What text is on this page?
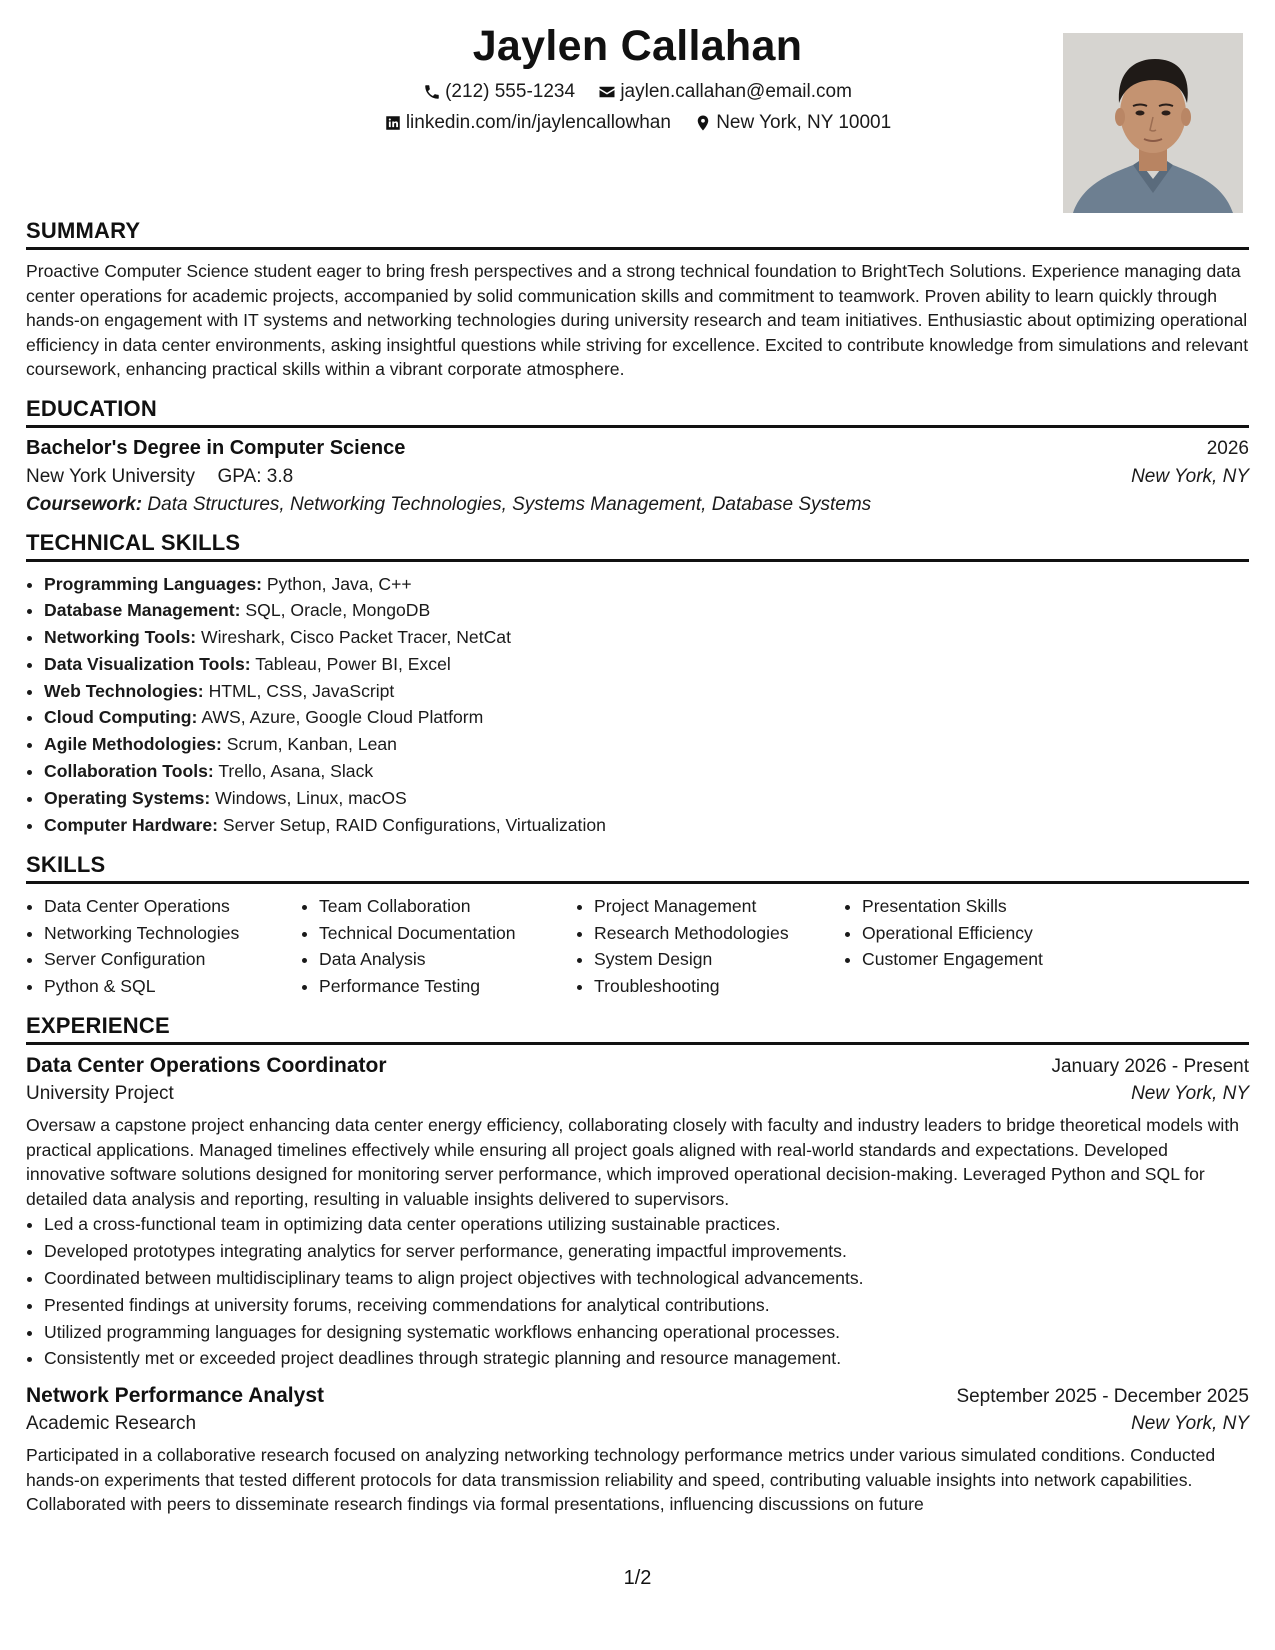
Jaylen Callahan
(212) 555-1234
jaylen.callahan@email.com
linkedin.com/in/jaylencallowhan
New York, NY 10001
SUMMARY

Proactive Computer Science student eager to bring fresh perspectives and a strong technical foundation to BrightTech Solutions. Experience managing data center operations for academic projects, accompanied by solid communication skills and commitment to teamwork. Proven ability to learn quickly through hands-on engagement with IT systems and networking technologies during university research and team initiatives. Enthusiastic about optimizing operational efficiency in data center environments, asking insightful questions while striving for excellence. Excited to contribute knowledge from simulations and relevant coursework, enhancing practical skills within a vibrant corporate atmosphere.

EDUCATION
Bachelor's Degree in Computer Science	2026
New York University GPA: 3.8	New York, NY
Coursework: Data Structures, Networking Technologies, Systems Management, Database Systems
TECHNICAL SKILLS
• Programming Languages: Python, Java, C++
• Database Management: SQL, Oracle, MongoDB
• Networking Tools: Wireshark, Cisco Packet Tracer, NetCat
• Data Visualization Tools: Tableau, Power BI, Excel
• Web Technologies: HTML, CSS, JavaScript
• Cloud Computing: AWS, Azure, Google Cloud Platform
• Agile Methodologies: Scrum, Kanban, Lean
• Collaboration Tools: Trello, Asana, Slack
• Operating Systems: Windows, Linux, macOS
• Computer Hardware: Server Setup, RAID Configurations, Virtualization
SKILLS
• Data Center Operations
• Networking Technologies
• Server Configuration
• Python & SQL
• Team Collaboration
• Technical Documentation
• Data Analysis
• Performance Testing
• Project Management
• Research Methodologies
• System Design
• Troubleshooting
• Presentation Skills
• Operational Efficiency
• Customer Engagement
EXPERIENCE
Data Center Operations Coordinator	January 2026 - Present
University Project	New York, NY

Oversaw a capstone project enhancing data center energy efficiency, collaborating closely with faculty and industry leaders to bridge theoretical models with practical applications. Managed timelines effectively while ensuring all project goals aligned with real-world standards and expectations. Developed innovative software solutions designed for monitoring server performance, which improved operational decision-making. Leveraged Python and SQL for detailed data analysis and reporting, resulting in valuable insights delivered to supervisors.

• Led a cross-functional team in optimizing data center operations utilizing sustainable practices.
• Developed prototypes integrating analytics for server performance, generating impactful improvements.
• Coordinated between multidisciplinary teams to align project objectives with technological advancements.
• Presented findings at university forums, receiving commendations for analytical contributions.
• Utilized programming languages for designing systematic workflows enhancing operational processes.
• Consistently met or exceeded project deadlines through strategic planning and resource management.
Network Performance Analyst	September 2025 - December 2025
Academic Research	New York, NY

Participated in a collaborative research focused on analyzing networking technology performance metrics under various simulated conditions. Conducted hands-on experiments that tested different protocols for data transmission reliability and speed, contributing valuable insights into network capabilities. Collaborated with peers to disseminate research findings via formal presentations, influencing discussions on future

1/2
